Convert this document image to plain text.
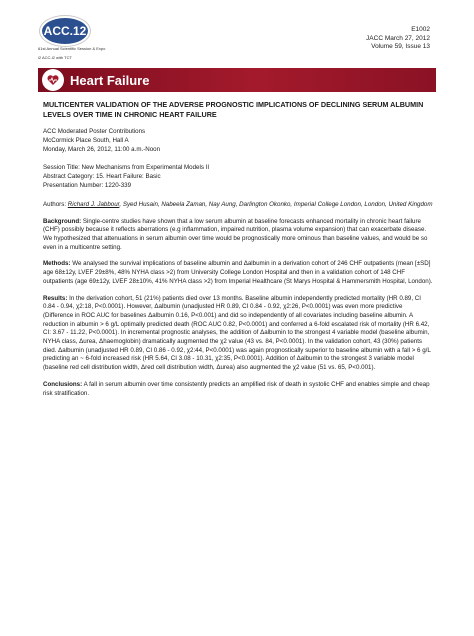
ACC.12
61st Annual Scientific Session & Expo
i2 ACC-i2 with TCT
E1002
JACC March 27, 2012
Volume 59, Issue 13
Heart Failure

MULTICENTER VALIDATION OF THE ADVERSE PROGNOSTIC IMPLICATIONS OF DECLINING SERUM ALBUMIN LEVELS OVER TIME IN CHRONIC HEART FAILURE

ACC Moderated Poster Contributions
McCormick Place South, Hall A
Monday, March 26, 2012, 11:00 a.m.-Noon
Session Title: New Mechanisms from Experimental Models II
Abstract Category: 15. Heart Failure: Basic
Presentation Number: 1220-339

Authors: Richard J. Jabbour, Syed Husain, Nabeela Zaman, Nay Aung, Darlington Okonko, Imperial College London, London, United Kingdom

Background: Single-centre studies have shown that a low serum albumin at baseline forecasts enhanced mortality in chronic heart failure (CHF) possibly because it reflects aberrations (e.g inflammation, impaired nutrition, plasma volume expansion) that can exacerbate disease. We hypothesized that attenuations in serum albumin over time would be prognostically more ominous than baseline values, and would be so even in a multicentre setting.

Methods: We analysed the survival implications of baseline albumin and Δalbumin in a derivation cohort of 246 CHF outpatients (mean [±SD] age 68±12y, LVEF 29±8%, 48% NYHA class >2) from University College London Hospital and then in a validation cohort of 148 CHF outpatients (age 69±12y, LVEF 28±10%, 41% NYHA class >2) from Imperial Healthcare (St Marys Hospital & Hammersmith Hospital, London).

Results: In the derivation cohort, 51 (21%) patients died over 13 months. Baseline albumin independently predicted mortality (HR 0.89, CI 0.84 - 0.94, χ2:18, P<0.0001). However, Δalbumin (unadjusted HR 0.89, CI 0.84 - 0.92, χ2:26, P<0.0001) was even more predictive (Difference in ROC AUC for baselines Δalbumin 0.16, P<0.001) and did so independently of all covariates including baseline albumin. A reduction in albumin > 6 g/L optimally predicted death (ROC AUC 0.82, P<0.0001) and conferred a 6-fold escalated risk of mortality (HR 6.42, CI: 3.67 - 11.22, P<0.0001). In incremental prognostic analyses, the addition of Δalbumin to the strongest 4 variable model (baseline albumin, NYHA class, Δurea, Δhaemoglobin) dramatically augmented the χ2 value (43 vs. 84, P<0.0001). In the validation cohort, 43 (30%) patients died. Δalbumin (unadjusted HR 0.89, CI 0.86 - 0.92, χ2:44, P<0.0001) was again prognostically superior to baseline albumin with a fall > 6 g/L predicting an ~ 6-fold increased risk (HR 5.64, CI 3.08 - 10.31, χ2:35, P<0.0001). Addition of Δalbumin to the strongest 3 variable model (baseline red cell distribution width, Δred cell distribution width, Δurea) also augmented the χ2 value (51 vs. 65, P<0.001).

Conclusions: A fall in serum albumin over time consistently predicts an amplified risk of death in systolic CHF and enables simple and cheap risk stratification.
